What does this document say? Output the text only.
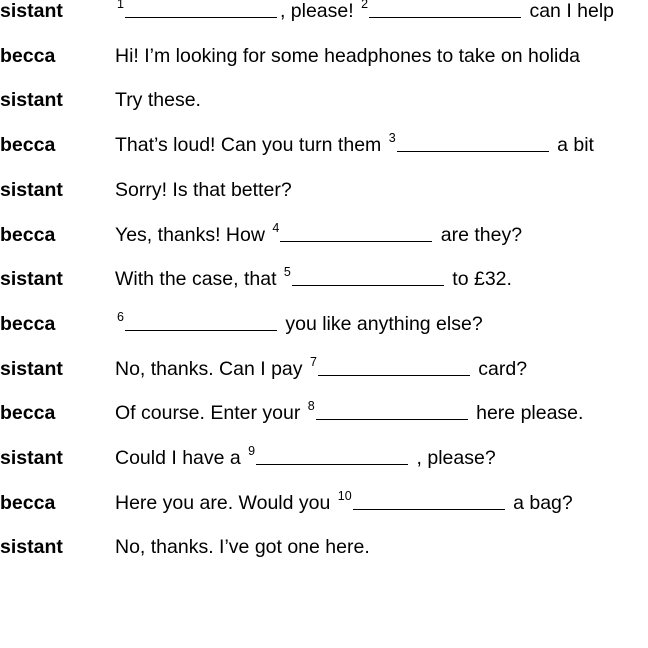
sistant	$^1$	, please! $^2$	can I help
becca	Hi! I’m looking for some headphones to take on holida
sistant	Try these.
becca	That’s loud! Can you turn them $^3$	a bit
sistant	Sorry! Is that better?
becca	Yes, thanks! How $^4$	are they?
sistant	With the case, that $^5$	to £32.
becca	$^6$	you like anything else?
sistant	No, thanks. Can I pay $^7$	card?
becca	Of course. Enter your $^8$	here please.
sistant	Could I have a $^9$	, please?
becca	Here you are. Would you $^{10}$	a bag?
sistant	No, thanks. I’ve got one here.
